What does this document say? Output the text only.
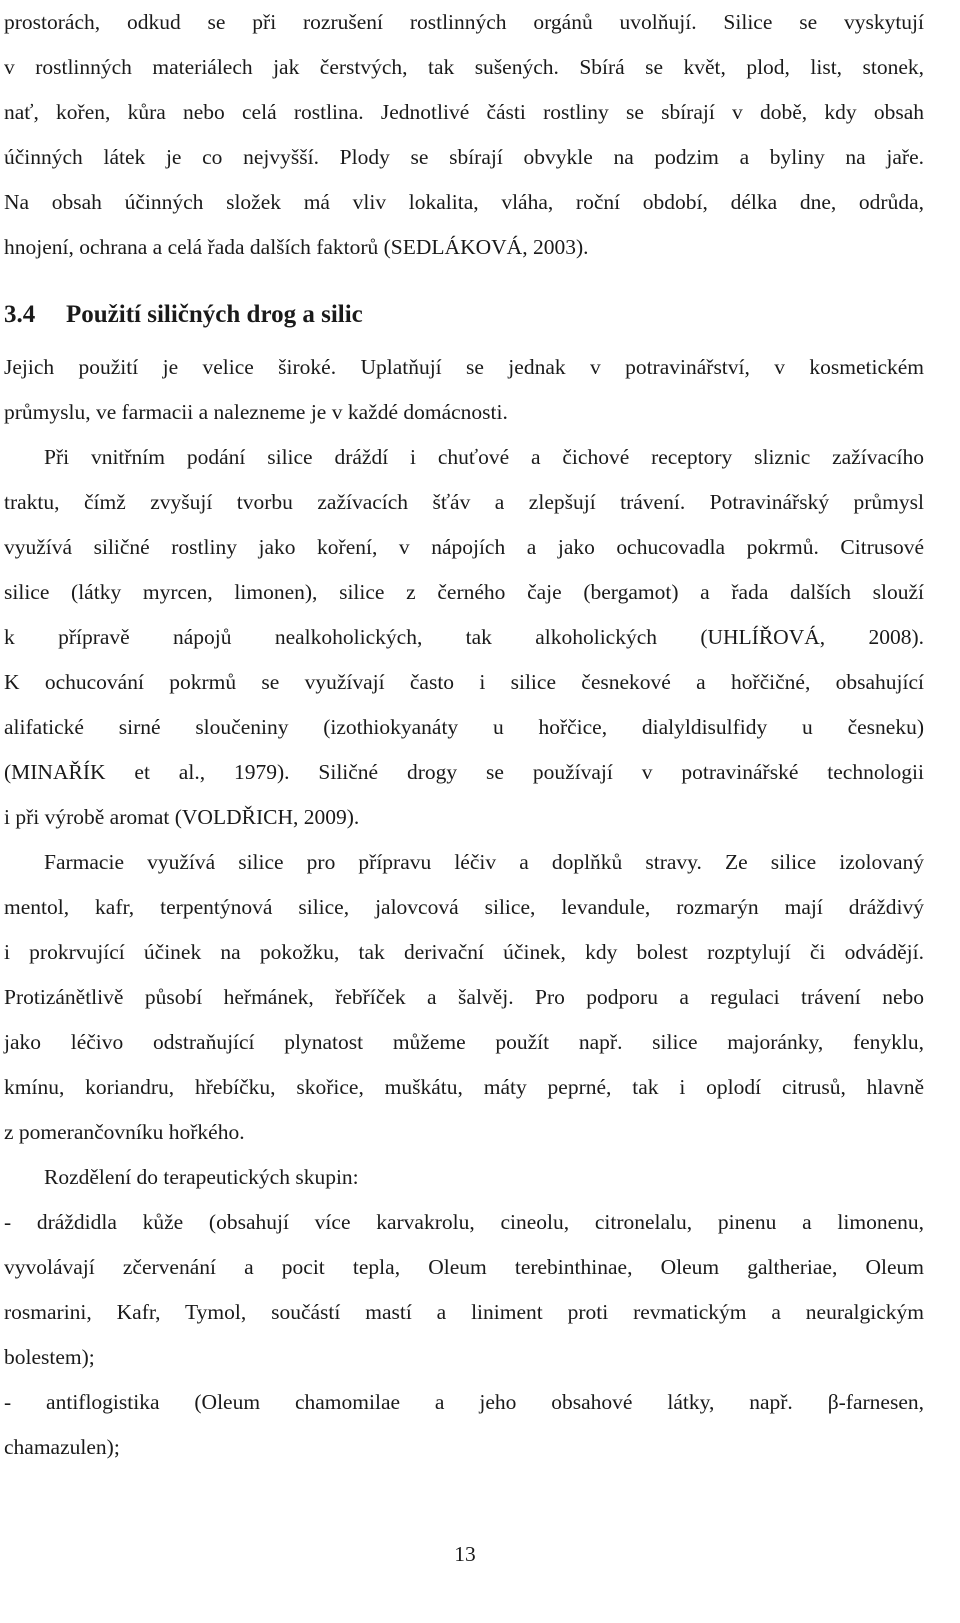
prostorách, odkud se při rozrušení rostlinných orgánů uvolňují. Silice se vyskytují
v rostlinných materiálech jak čerstvých, tak sušených. Sbírá se květ, plod, list, stonek,
nať, kořen, kůra nebo celá rostlina. Jednotlivé části rostliny se sbírají v době, kdy obsah
účinných látek je co nejvyšší. Plody se sbírají obvykle na podzim a byliny na jaře.
Na obsah účinných složek má vliv lokalita, vláha, roční období, délka dne, odrůda,
hnojení, ochrana a celá řada dalších faktorů (SEDLÁKOVÁ, 2003).
3.4 Použití siličných drog a silic
Jejich použití je velice široké. Uplatňují se jednak v potravinářství, v kosmetickém
průmyslu, ve farmacii a nalezneme je v každé domácnosti.
Při vnitřním podání silice dráždí i chuťové a čichové receptory sliznic zažívacího
traktu, čímž zvyšují tvorbu zažívacích šťáv a zlepšují trávení. Potravinářský průmysl
využívá siličné rostliny jako koření, v nápojích a jako ochucovadla pokrmů. Citrusové
silice (látky myrcen, limonen), silice z černého čaje (bergamot) a řada dalších slouží
k přípravě nápojů nealkoholických, tak alkoholických (UHLÍŘOVÁ, 2008).
K ochucování pokrmů se využívají často i silice česnekové a hořčičné, obsahující
alifatické sirné sloučeniny (izothiokyanáty u hořčice, dialyldisulfidy u česneku)
(MINAŘÍK et al., 1979). Siličné drogy se používají v potravinářské technologii
i při výrobě aromat (VOLDŘICH, 2009).
Farmacie využívá silice pro přípravu léčiv a doplňků stravy. Ze silice izolovaný
mentol, kafr, terpentýnová silice, jalovcová silice, levandule, rozmarýn mají dráždivý
i prokrvující účinek na pokožku, tak derivační účinek, kdy bolest rozptylují či odvádějí.
Protizánětlivě působí heřmánek, řebříček a šalvěj. Pro podporu a regulaci trávení nebo
jako léčivo odstraňující plynatost můžeme použít např. silice majoránky, fenyklu,
kmínu, koriandru, hřebíčku, skořice, muškátu, máty peprné, tak i oplodí citrusů, hlavně
z pomerančovníku hořkého.
Rozdělení do terapeutických skupin:
- dráždidla kůže (obsahují více karvakrolu, cineolu, citronelalu, pinenu a limonenu,
vyvolávají zčervenání a pocit tepla, Oleum terebinthinae, Oleum galtheriae, Oleum
rosmarini, Kafr, Tymol, součástí mastí a liniment proti revmatickým a neuralgickým
bolestem);
- antiflogistika (Oleum chamomilae a jeho obsahové látky, např. β-farnesen,
chamazulen);
13
